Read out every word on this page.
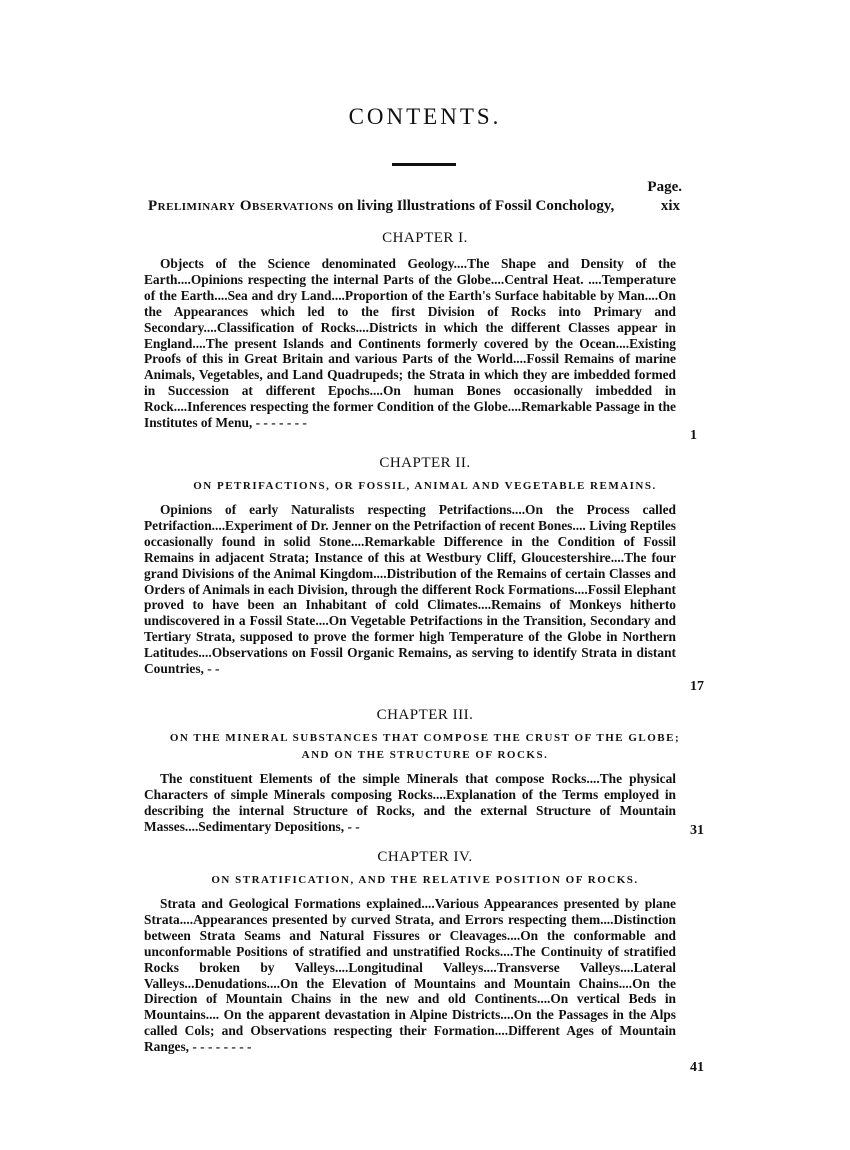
CONTENTS.
Page.
Preliminary Observations on living Illustrations of Fossil Conchology,	xix
CHAPTER I.
Objects of the Science denominated Geology....The Shape and Density of the Earth....Opinions respecting the internal Parts of the Globe....Central Heat. ....Temperature of the Earth....Sea and dry Land....Proportion of the Earth's Surface habitable by Man....On the Appearances which led to the first Division of Rocks into Primary and Secondary....Classification of Rocks....Districts in which the different Classes appear in England....The present Islands and Continents formerly covered by the Ocean....Existing Proofs of this in Great Britain and various Parts of the World....Fossil Remains of marine Animals, Vegetables, and Land Quadrupeds; the Strata in which they are imbedded formed in Succession at different Epochs....On human Bones occasionally imbedded in Rock....Inferences respecting the former Condition of the Globe....Remarkable Passage in the Institutes of Menu, - - - - - - -
1
CHAPTER II.
ON PETRIFACTIONS, OR FOSSIL, ANIMAL AND VEGETABLE REMAINS.
Opinions of early Naturalists respecting Petrifactions....On the Process called Petrifaction....Experiment of Dr. Jenner on the Petrifaction of recent Bones.... Living Reptiles occasionally found in solid Stone....Remarkable Difference in the Condition of Fossil Remains in adjacent Strata; Instance of this at Westbury Cliff, Gloucestershire....The four grand Divisions of the Animal Kingdom....Distribution of the Remains of certain Classes and Orders of Animals in each Division, through the different Rock Formations....Fossil Elephant proved to have been an Inhabitant of cold Climates....Remains of Monkeys hitherto undiscovered in a Fossil State....On Vegetable Petrifactions in the Transition, Secondary and Tertiary Strata, supposed to prove the former high Temperature of the Globe in Northern Latitudes....Observations on Fossil Organic Remains, as serving to identify Strata in distant Countries, - -
17
CHAPTER III.
ON THE MINERAL SUBSTANCES THAT COMPOSE THE CRUST OF THE GLOBE; AND ON THE STRUCTURE OF ROCKS.
The constituent Elements of the simple Minerals that compose Rocks....The physical Characters of simple Minerals composing Rocks....Explanation of the Terms employed in describing the internal Structure of Rocks, and the external Structure of Mountain Masses....Sedimentary Depositions, - -	31
CHAPTER IV.
ON STRATIFICATION, AND THE RELATIVE POSITION OF ROCKS.
Strata and Geological Formations explained....Various Appearances presented by plane Strata....Appearances presented by curved Strata, and Errors respecting them....Distinction between Strata Seams and Natural Fissures or Cleavages....On the conformable and unconformable Positions of stratified and unstratified Rocks....The Continuity of stratified Rocks broken by Valleys....Longitudinal Valleys....Transverse Valleys....Lateral Valleys...Denudations....On the Elevation of Mountains and Mountain Chains....On the Direction of Mountain Chains in the new and old Continents....On vertical Beds in Mountains.... On the apparent devastation in Alpine Districts....On the Passages in the Alps called Cols; and Observations respecting their Formation....Different Ages of Mountain Ranges, - - - - - - - -
41
